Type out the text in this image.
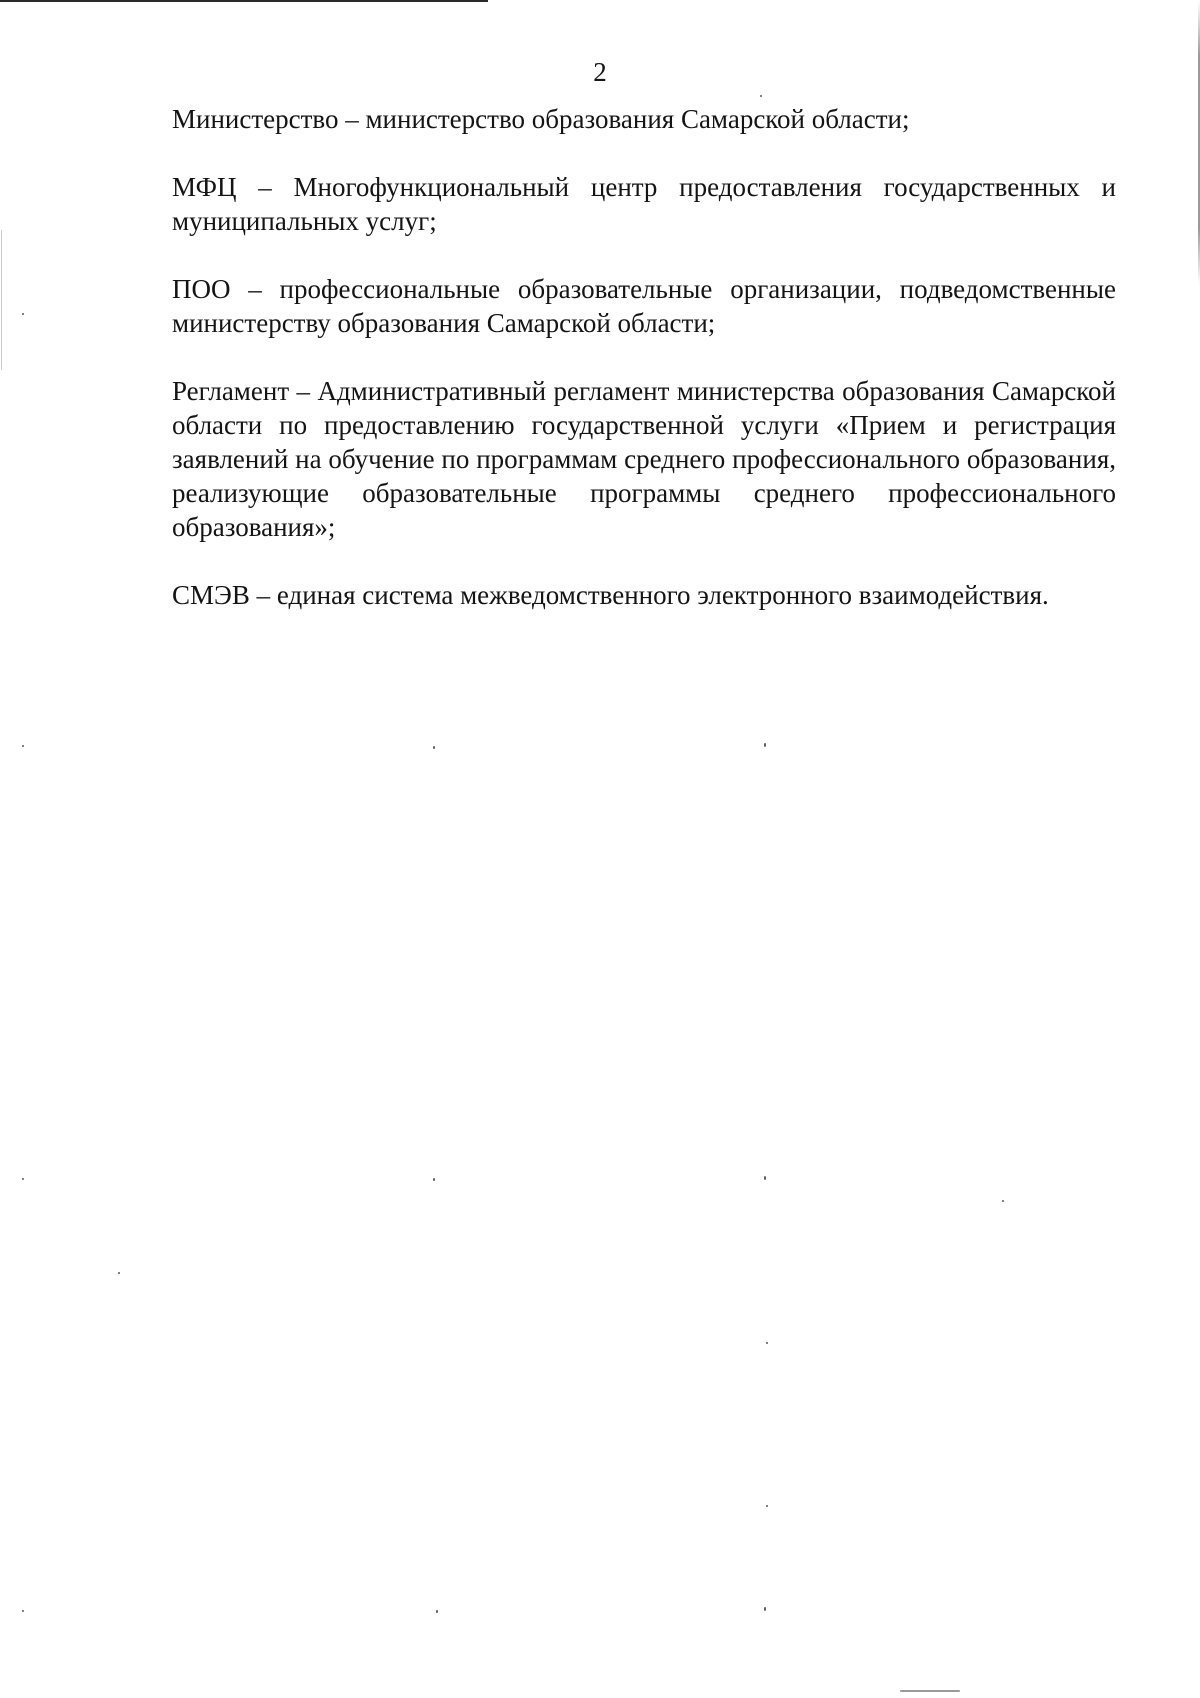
2

Министерство – министерство образования Самарской области;

МФЦ – Многофункциональный центр предоставления государственных и муниципальных услуг;

ПОО – профессиональные образовательные организации, подведомственные министерству образования Самарской области;

Регламент – Административный регламент министерства образования Самарской области по предоставлению государственной услуги «Прием и регистрация заявлений на обучение по программам среднего профессионального образования, реализующие образовательные программы среднего профессионального образования»;

СМЭВ – единая система межведомственного электронного взаимодействия.
